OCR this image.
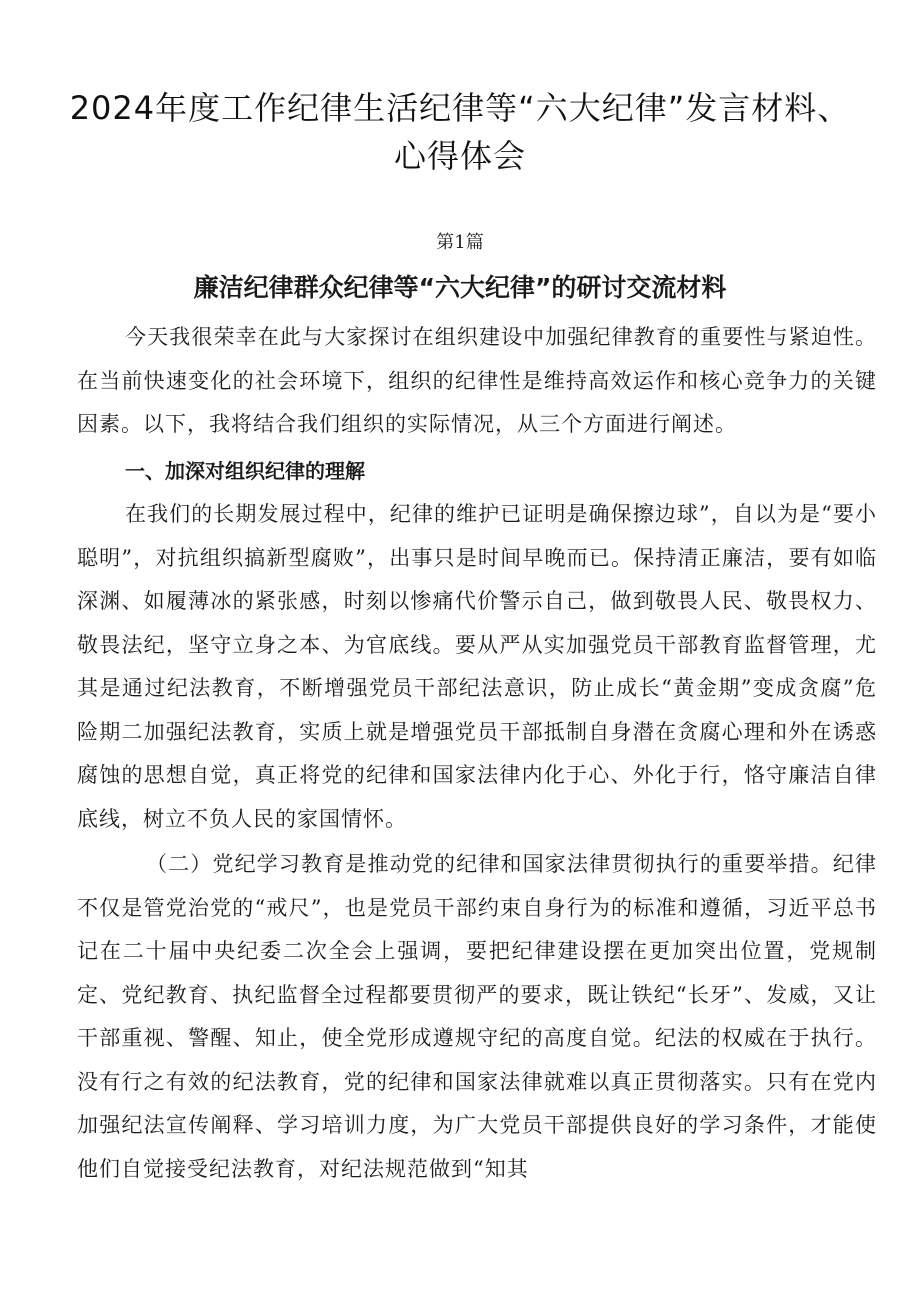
2024年度工作纪律生活纪律等“六大纪律”发言材料、心得体会
第1篇
廉洁纪律群众纪律等“六大纪律”的研讨交流材料

今天我很荣幸在此与大家探讨在组织建设中加强纪律教育的重要性与紧迫性。在当前快速变化的社会环境下，组织的纪律性是维持高效运作和核心竞争力的关键因素。以下，我将结合我们组织的实际情况，从三个方面进行阐述。

一、加深对组织纪律的理解

在我们的长期发展过程中，纪律的维护已证明是确保擦边球”，自以为是“要小聪明”，对抗组织搞新型腐败”，出事只是时间早晚而已。保持清正廉洁，要有如临深渊、如履薄冰的紧张感，时刻以惨痛代价警示自己，做到敬畏人民、敬畏权力、敬畏法纪，坚守立身之本、为官底线。要从严从实加强党员干部教育监督管理，尤其是通过纪法教育，不断增强党员干部纪法意识，防止成长“黄金期”变成贪腐”危险期二加强纪法教育，实质上就是增强党员干部抵制自身潜在贪腐心理和外在诱惑腐蚀的思想自觉，真正将党的纪律和国家法律内化于心、外化于行，恪守廉洁自律底线，树立不负人民的家国情怀。

（二）党纪学习教育是推动党的纪律和国家法律贯彻执行的重要举措。纪律不仅是管党治党的“戒尺”，也是党员干部约束自身行为的标准和遵循，习近平总书记在二十届中央纪委二次全会上强调，要把纪律建设摆在更加突出位置，党规制定、党纪教育、执纪监督全过程都要贯彻严的要求，既让铁纪“长牙”、发威，又让干部重视、警醒、知止，使全党形成遵规守纪的高度自觉。纪法的权威在于执行。没有行之有效的纪法教育，党的纪律和国家法律就难以真正贯彻落实。只有在党内加强纪法宣传阐释、学习培训力度，为广大党员干部提供良好的学习条件，才能使他们自觉接受纪法教育，对纪法规范做到“知其
